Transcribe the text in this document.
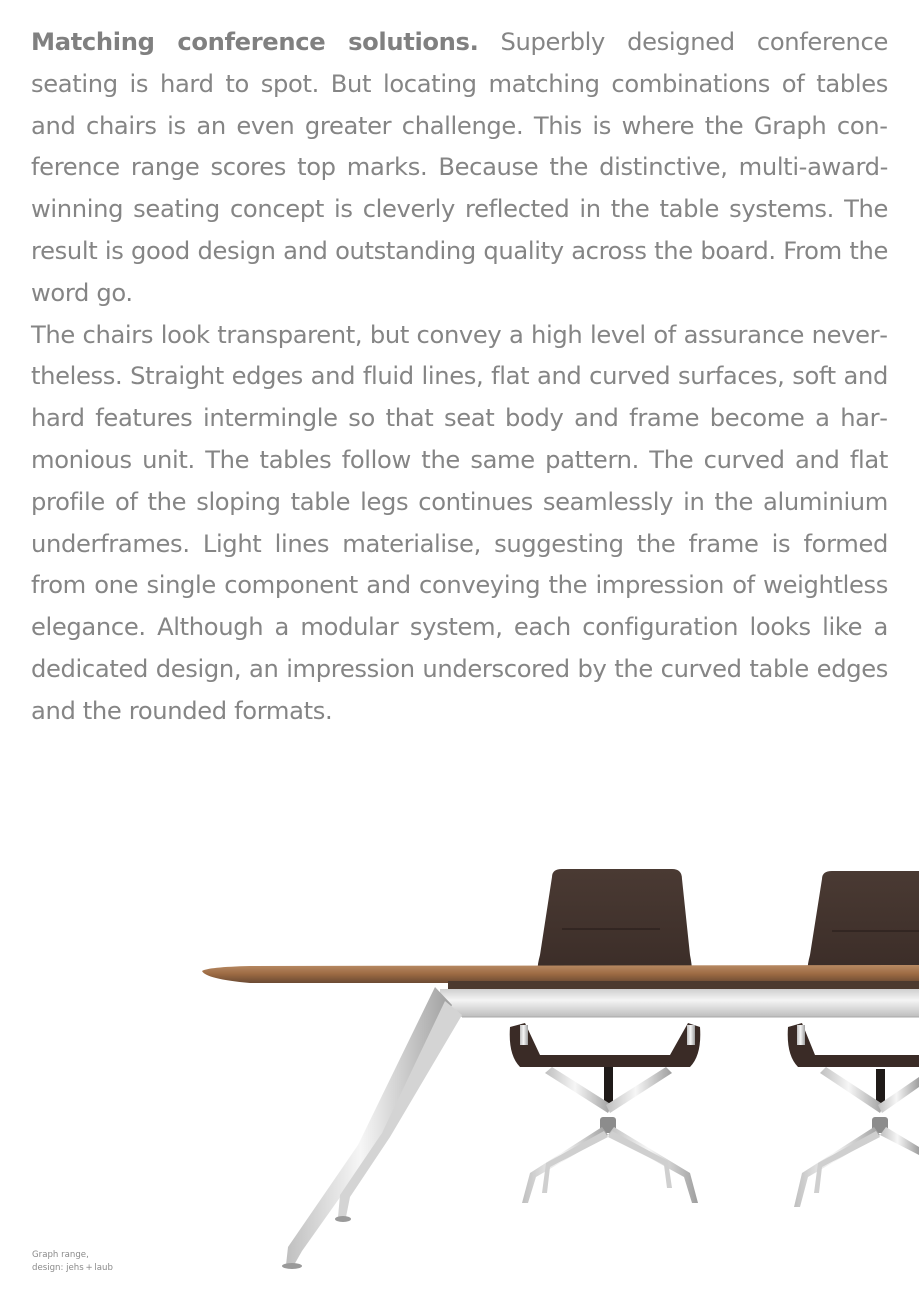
Matching conference solutions. Superbly designed conference seating is hard to spot. But locating matching combinations of tables and chairs is an even greater challenge. This is where the Graph conference range scores top marks. Because the distinctive, multi-award-winning seating concept is cleverly reflected in the table systems. The result is good design and outstanding quality across the board. From the word go.

The chairs look transparent, but convey a high level of assurance nevertheless. Straight edges and fluid lines, flat and curved surfaces, soft and hard features intermingle so that seat body and frame become a harmonious unit. The tables follow the same pattern. The curved and flat profile of the sloping table legs continues seamlessly in the aluminium underframes. Light lines materialise, suggesting the frame is formed from one single component and conveying the impression of weightless elegance. Although a modular system, each configuration looks like a dedicated design, an impression underscored by the curved table edges and the rounded formats.

Graph range,
design: jehs + laub
